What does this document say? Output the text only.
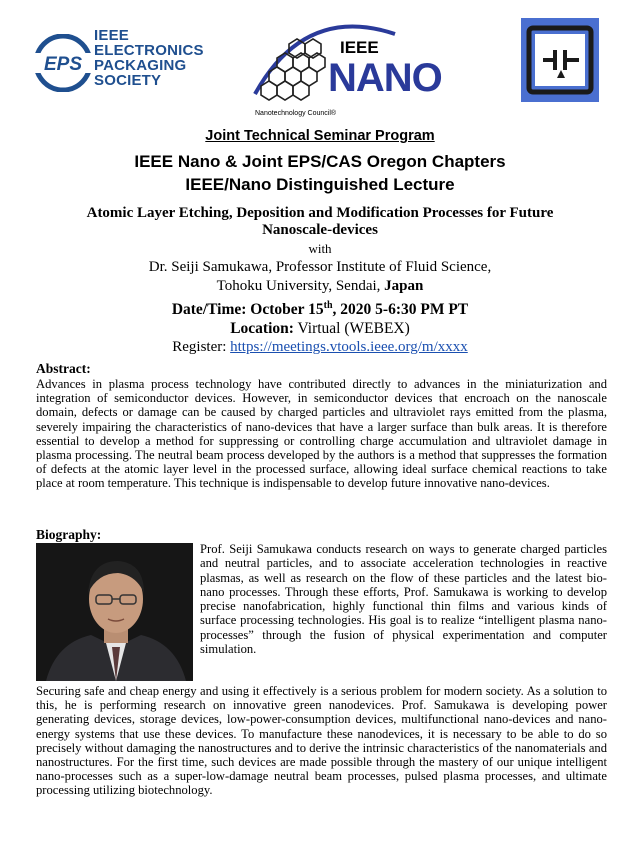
EPS
IEEE
ELECTRONICS
PACKAGING
SOCIETY
IEEE
NANO
Nanotechnology Council®
Joint Technical Seminar Program
IEEE Nano & Joint EPS/CAS Oregon Chapters
IEEE/Nano Distinguished Lecture
Atomic Layer Etching, Deposition and Modification Processes for Future
Nanoscale-devices
with
Dr. Seiji Samukawa, Professor Institute of Fluid Science,
Tohoku University, Sendai, Japan
Date/Time: October 15th, 2020 5-6:30 PM PT
Location: Virtual (WEBEX)
Register: https://meetings.vtools.ieee.org/m/xxxx
Abstract:
Advances in plasma process technology have contributed directly to advances in the miniaturization and integration of semiconductor devices. However, in semiconductor devices that encroach on the nanoscale domain, defects or damage can be caused by charged particles and ultraviolet rays emitted from the plasma, severely impairing the characteristics of nano-devices that have a larger surface than bulk areas. It is therefore essential to develop a method for suppressing or controlling charge accumulation and ultraviolet damage in plasma processing. The neutral beam process developed by the authors is a method that suppresses the formation of defects at the atomic layer level in the processed surface, allowing ideal surface chemical reactions to take place at room temperature. This technique is indispensable to develop future innovative nano-devices.
Biography:
Prof. Seiji Samukawa conducts research on ways to generate charged particles and neutral particles, and to associate acceleration technologies in reactive plasmas, as well as research on the flow of these particles and the latest bio-nano processes. Through these efforts, Prof. Samukawa is working to develop precise nanofabrication, highly functional thin films and various kinds of surface processing technologies. His goal is to realize “intelligent plasma nano-processes” through the fusion of physical experimentation and computer simulation.
Securing safe and cheap energy and using it effectively is a serious problem for modern society. As a solution to this, he is performing research on innovative green nanodevices. Prof. Samukawa is developing power generating devices, storage devices, low-power-consumption devices, multifunctional nano-devices and nano-energy systems that use these devices. To manufacture these nanodevices, it is necessary to be able to do so precisely without damaging the nanostructures and to derive the intrinsic characteristics of the nanomaterials and nanostructures. For the first time, such devices are made possible through the mastery of our unique intelligent nano-processes such as a super-low-damage neutral beam processes, pulsed plasma processes, and ultimate processing utilizing biotechnology.
